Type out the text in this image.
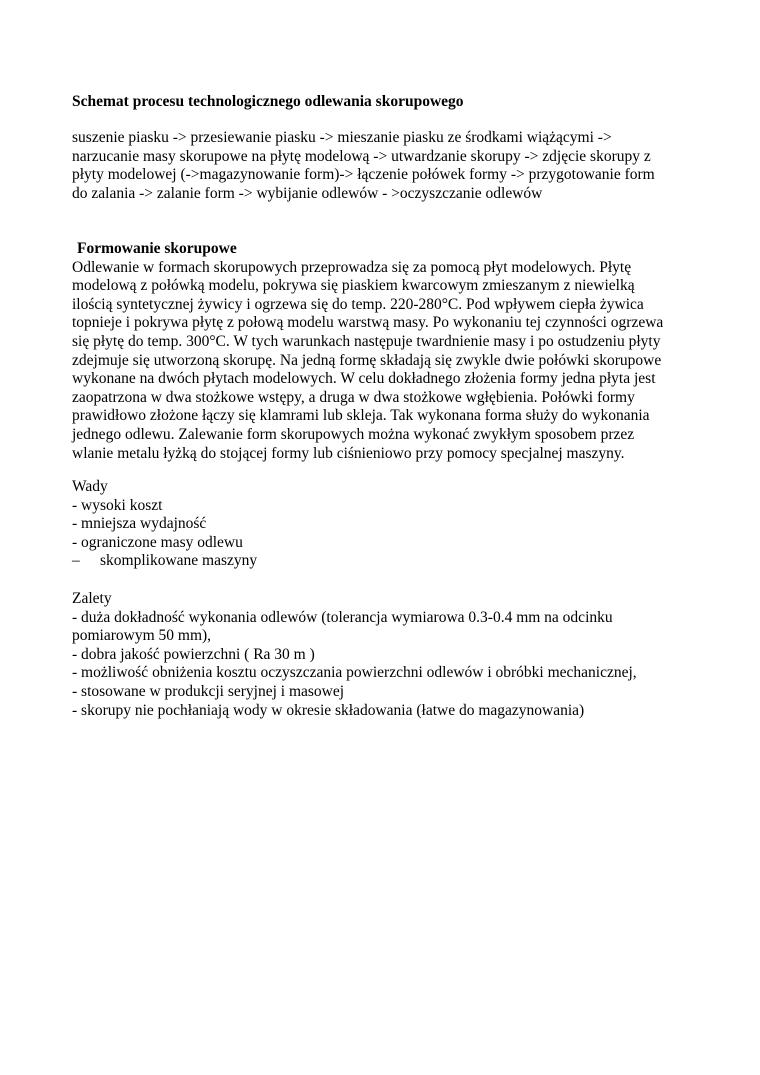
Schemat procesu technologicznego odlewania skorupowego

suszenie piasku -> przesiewanie piasku -> mieszanie piasku ze środkami wiążącymi ->

narzucanie masy skorupowe na płytę modelową -> utwardzanie skorupy -> zdjęcie skorupy z

płyty modelowej (->magazynowanie form)-> łączenie połówek formy -> przygotowanie form

do zalania -> zalanie form -> wybijanie odlewów - >oczyszczanie odlewów

Formowanie skorupowe

Odlewanie w formach skorupowych przeprowadza się za pomocą płyt modelowych. Płytę

modelową z połówką modelu, pokrywa się piaskiem kwarcowym zmieszanym z niewielką

ilością syntetycznej żywicy i ogrzewa się do temp. 220-280°C. Pod wpływem ciepła żywica

topnieje i pokrywa płytę z połową modelu warstwą masy. Po wykonaniu tej czynności ogrzewa

się płytę do temp. 300°C. W tych warunkach następuje twardnienie masy i po ostudzeniu płyty

zdejmuje się utworzoną skorupę. Na jedną formę składają się zwykle dwie połówki skorupowe

wykonane na dwóch płytach modelowych. W celu dokładnego złożenia formy jedna płyta jest

zaopatrzona w dwa stożkowe wstępy, a druga w dwa stożkowe wgłębienia. Połówki formy

prawidłowo złożone łączy się klamrami lub skleja. Tak wykonana forma służy do wykonania

jednego odlewu. Zalewanie form skorupowych można wykonać zwykłym sposobem przez

wlanie metalu łyżką do stojącej formy lub ciśnieniowo przy pomocy specjalnej maszyny.

Wady

- wysoki koszt
- mniejsza wydajność
- ograniczone masy odlewu
– skomplikowane maszyny

Zalety

- duża dokładność wykonania odlewów (tolerancja wymiarowa 0.3-0.4 mm na odcinku
pomiarowym 50 mm),
- dobra jakość powierzchni ( Ra 30 m )
- możliwość obniżenia kosztu oczyszczania powierzchni odlewów i obróbki mechanicznej,
- stosowane w produkcji seryjnej i masowej
- skorupy nie pochłaniają wody w okresie składowania (łatwe do magazynowania)
